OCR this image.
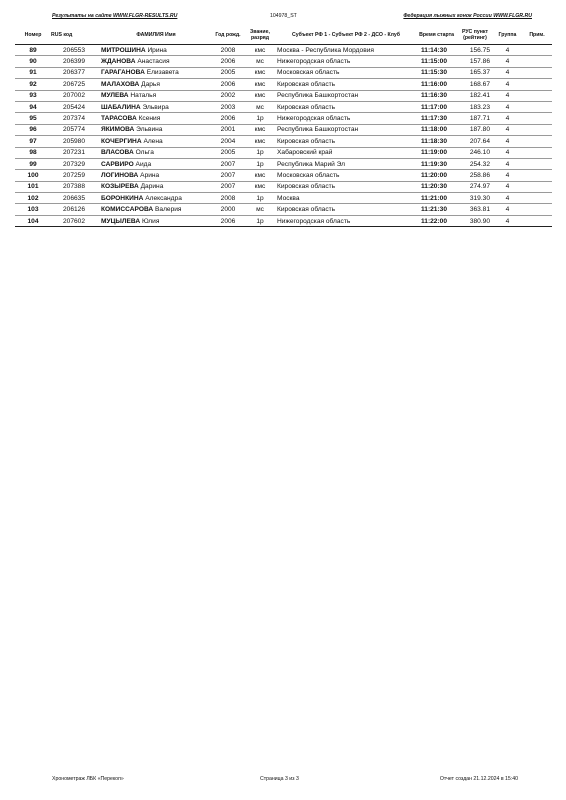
Результаты на сайте WWW.FLGR-RESULTS.RU	104978_ST	Федерация лыжных гонок России WWW.FLGR.RU
Номер	RUS код	ФАМИЛИЯ Имя	Год рожд.	Звание, разряд	Субъект РФ 1 - Субъект РФ 2 - ДСО - Клуб	Время старта	РУС пункт (рейтинг)	Группа	Прим.
89	206553	МИТРОШИНА Ирина	2008	кмс	Москва - Республика Мордовия	11:14:30	156.75	4	
90	206399	ЖДАНОВА Анастасия	2006	мс	Нижегородская область	11:15:00	157.86	4	
91	206377	ГАРАГАНОВА Елизавета	2005	кмс	Московская область	11:15:30	165.37	4	
92	206725	МАЛАХОВА Дарья	2006	кмс	Кировская область	11:16:00	168.67	4	
93	207002	МУЛЕВА Наталья	2002	кмс	Республика Башкортостан	11:16:30	182.41	4	
94	205424	ШАБАЛИНА Эльвира	2003	мс	Кировская область	11:17:00	183.23	4	
95	207374	ТАРАСОВА Ксения	2006	1р	Нижегородская область	11:17:30	187.71	4	
96	205774	ЯКИМОВА Эльвина	2001	кмс	Республика Башкортостан	11:18:00	187.80	4	
97	205980	КОЧЕРГИНА Алена	2004	кмс	Кировская область	11:18:30	207.64	4	
98	207231	ВЛАСОВА Ольга	2005	1р	Хабаровский край	11:19:00	246.10	4	
99	207329	САРВИРО Аида	2007	1р	Республика Марий Эл	11:19:30	254.32	4	
100	207259	ЛОГИНОВА Арина	2007	кмс	Московская область	11:20:00	258.86	4	
101	207388	КОЗЫРЕВА Дарина	2007	кмс	Кировская область	11:20:30	274.97	4	
102	206635	БОРОНКИНА Александра	2008	1р	Москва	11:21:00	319.30	4	
103	206126	КОМИССАРОВА Валерия	2000	мс	Кировская область	11:21:30	363.81	4	
104	207602	МУЦЫЛЕВА Юлия	2006	1р	Нижегородская область	11:22:00	380.90	4	
Хронометраж ЛБК «Перекоп»	Страница 3 из 3	Отчет создан 21.12.2024 в 15:40
